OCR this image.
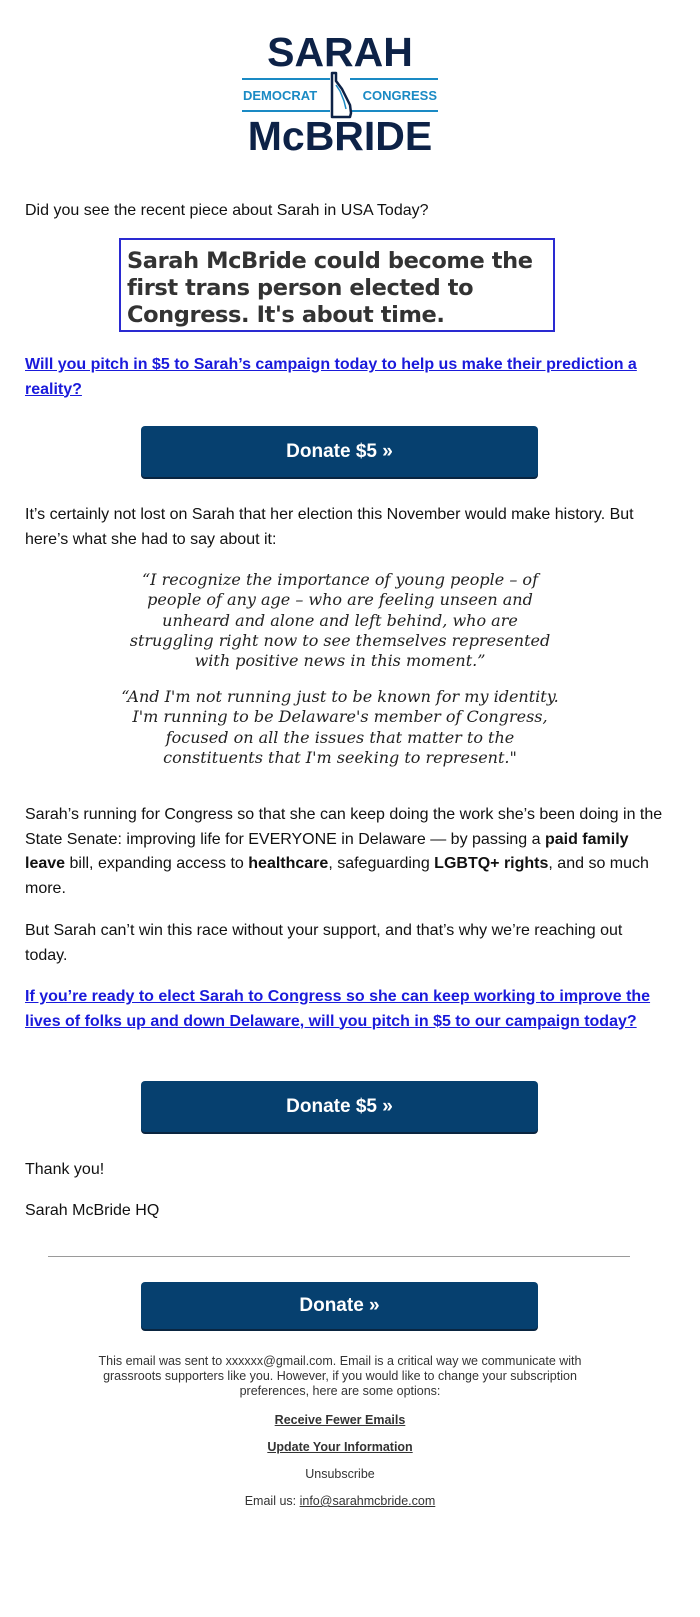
SARAH
DEMOCRAT	CONGRESS
McBRIDE

Did you see the recent piece about Sarah in USA Today?

Sarah McBride could become the first trans person elected to Congress. It's about time.

Will you pitch in $5 to Sarah’s campaign today to help us make their prediction a reality?

Donate $5 »

It’s certainly not lost on Sarah that her election this November would make history. But here’s what she had to say about it:

“I recognize the importance of young people – of people of any age – who are feeling unseen and unheard and alone and left behind, who are struggling right now to see themselves represented with positive news in this moment.”
“And I'm not running just to be known for my identity. I'm running to be Delaware's member of Congress, focused on all the issues that matter to the constituents that I'm seeking to represent."

Sarah’s running for Congress so that she can keep doing the work she’s been doing in the State Senate: improving life for EVERYONE in Delaware — by passing a paid family leave bill, expanding access to healthcare, safeguarding LGBTQ+ rights, and so much more.

But Sarah can’t win this race without your support, and that’s why we’re reaching out today.

If you’re ready to elect Sarah to Congress so she can keep working to improve the lives of folks up and down Delaware, will you pitch in $5 to our campaign today?

Donate $5 »

Thank you!

Sarah McBride HQ

Donate »
This email was sent to xxxxxx@gmail.com. Email is a critical way we communicate with grassroots supporters like you. However, if you would like to change your subscription preferences, here are some options:
Receive Fewer Emails
Update Your Information
Unsubscribe
Email us: info@sarahmcbride.com
